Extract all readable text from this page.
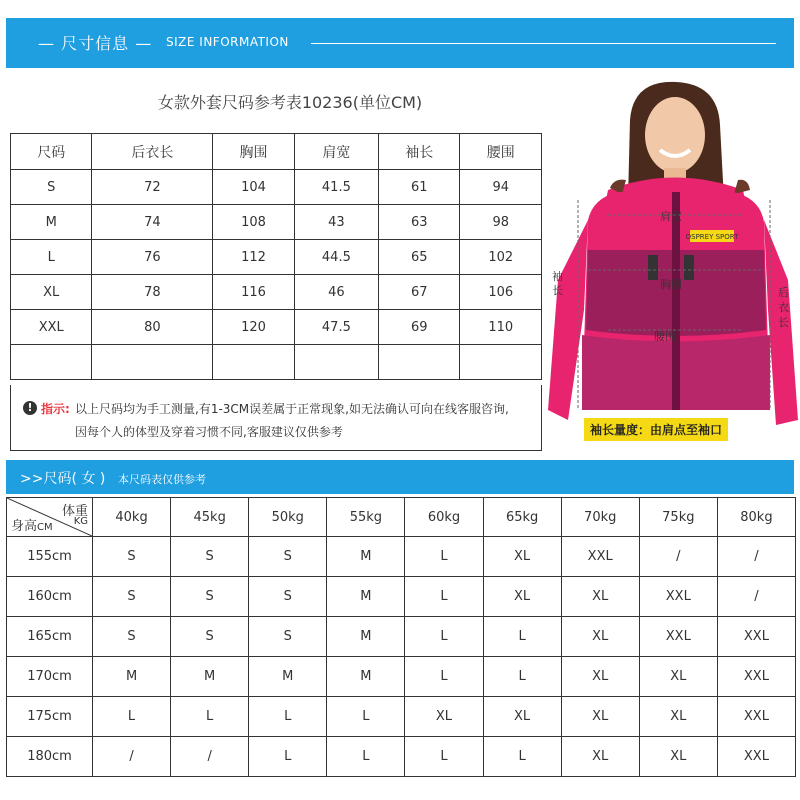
— 尺寸信息 — SIZE INFORMATION
女款外套尺码参考表10236(单位CM)
尺码	后衣长	胸围	肩宽	袖长	腰围
S	72	104	41.5	61	94
M	74	108	43	63	98
L	76	112	44.5	65	102
XL	78	116	46	67	106
XXL	80	120	47.5	69	110

! 指示: 以上尺码均为手工测量,有1-3CM误差属于正常现象,如无法确认可向在线客服咨询,
因每个人的体型及穿着习惯不同,客服建议仅供参考
OSPREY SPORT
肩宽
胸围
腰围
袖长	后衣长
袖长量度：由肩点至袖口
>>尺码( 女 ) 本尺码表仅供参考
体重
KG
身高CM	40kg	45kg	50kg	55kg	60kg	65kg	70kg	75kg	80kg
155cm	S	S	S	M	L	XL	XXL	/	/
160cm	S	S	S	M	L	XL	XL	XXL	/
165cm	S	S	S	M	L	L	XL	XXL	XXL
170cm	M	M	M	M	L	L	XL	XL	XXL
175cm	L	L	L	L	XL	XL	XL	XL	XXL
180cm	/	/	L	L	L	L	XL	XL	XXL
